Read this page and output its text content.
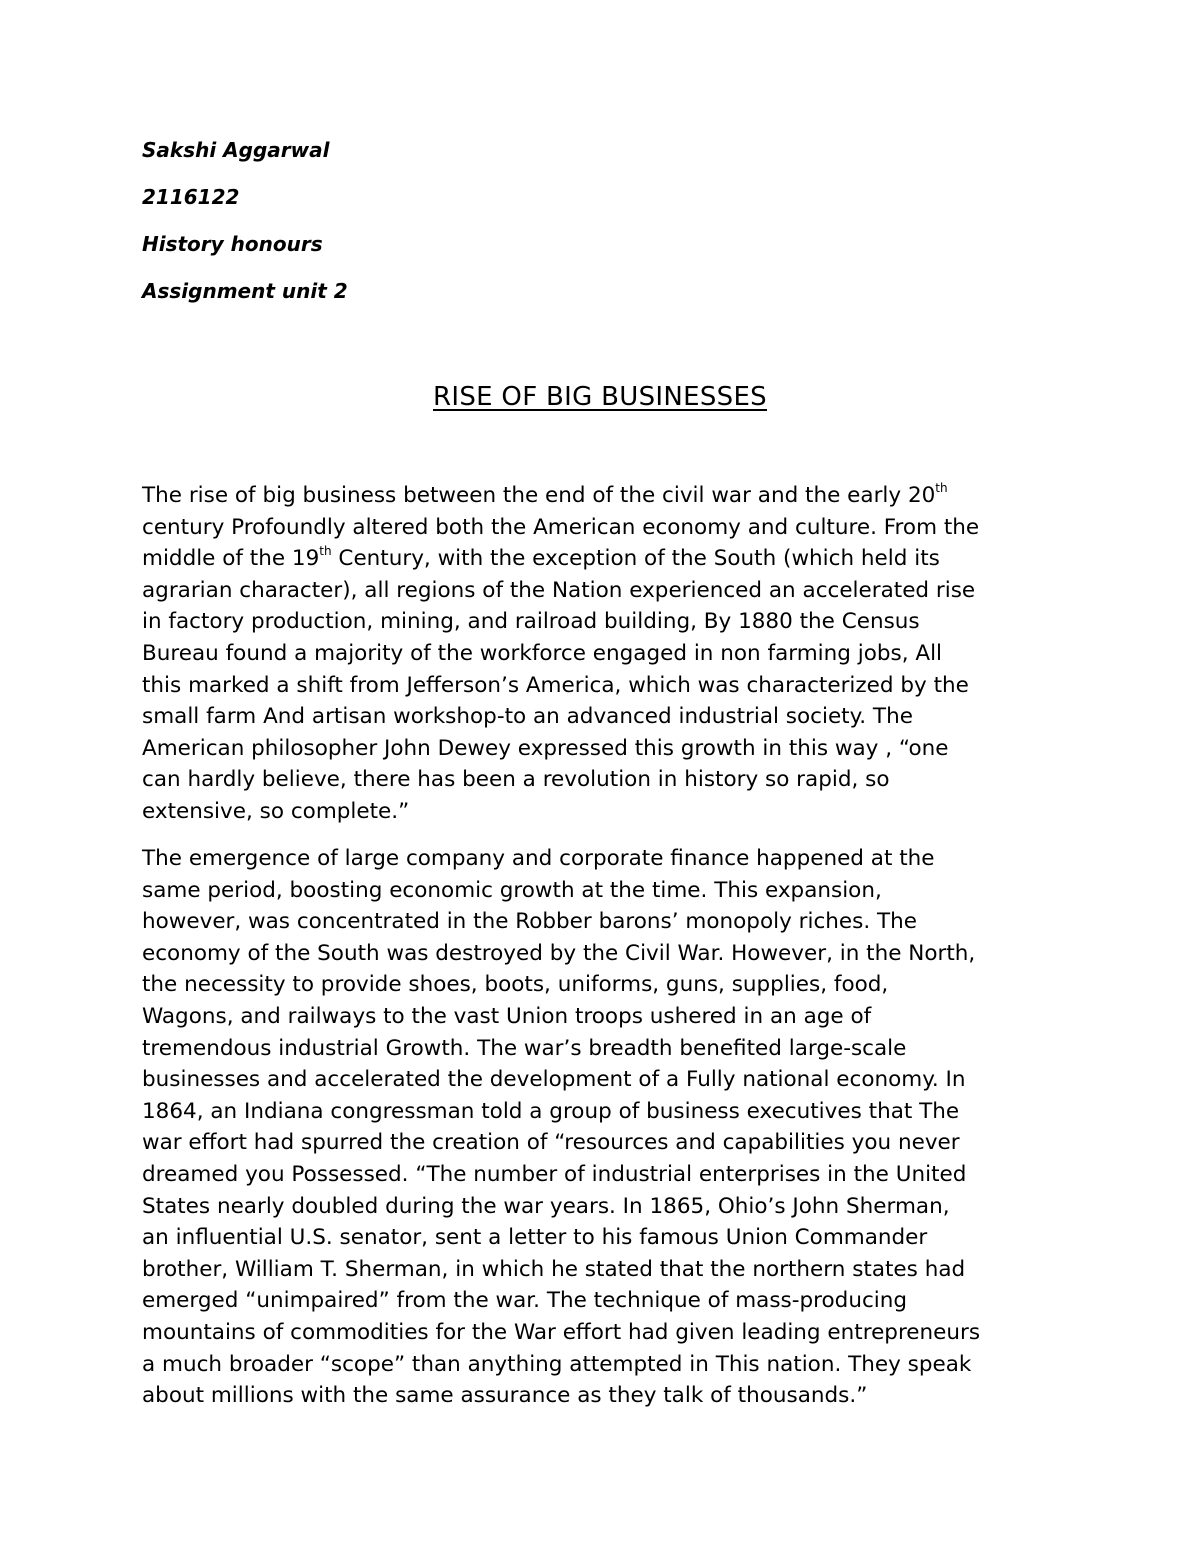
Sakshi Aggarwal
2116122
History honours
Assignment unit 2
RISE OF BIG BUSINESSES
The rise of big business between the end of the civil war and the early 20th
century Profoundly altered both the American economy and culture. From the
middle of the 19th Century, with the exception of the South (which held its
agrarian character), all regions of the Nation experienced an accelerated rise
in factory production, mining, and railroad building, By 1880 the Census
Bureau found a majority of the workforce engaged in non farming jobs, All
this marked a shift from Jefferson’s America, which was characterized by the
small farm And artisan workshop-to an advanced industrial society. The
American philosopher John Dewey expressed this growth in this way , “one
can hardly believe, there has been a revolution in history so rapid, so
extensive, so complete.”
The emergence of large company and corporate finance happened at the
same period, boosting economic growth at the time. This expansion,
however, was concentrated in the Robber barons’ monopoly riches. The
economy of the South was destroyed by the Civil War. However, in the North,
the necessity to provide shoes, boots, uniforms, guns, supplies, food,
Wagons, and railways to the vast Union troops ushered in an age of
tremendous industrial Growth. The war’s breadth benefited large-scale
businesses and accelerated the development of a Fully national economy. In
1864, an Indiana congressman told a group of business executives that The
war effort had spurred the creation of “resources and capabilities you never
dreamed you Possessed. “The number of industrial enterprises in the United
States nearly doubled during the war years. In 1865, Ohio’s John Sherman,
an influential U.S. senator, sent a letter to his famous Union Commander
brother, William T. Sherman, in which he stated that the northern states had
emerged “unimpaired” from the war. The technique of mass-producing
mountains of commodities for the War effort had given leading entrepreneurs
a much broader “scope” than anything attempted in This nation. They speak
about millions with the same assurance as they talk of thousands.”
